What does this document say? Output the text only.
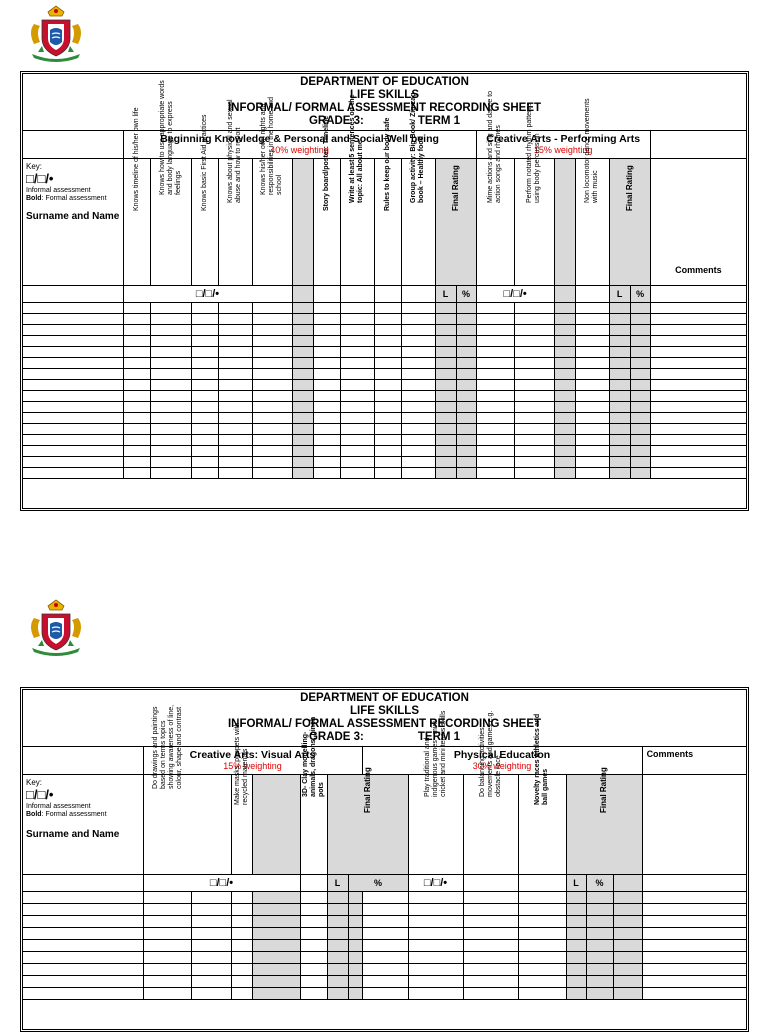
DEPARTMENT OF EDUCATION
LIFE SKILLS
INFORMAL/ FORMAL ASSESSMENT RECORDING SHEET
GRADE 3:	TERM 1
	Beginning Knowledge & Personal and Social Well being
40% weighting												Creative Arts - Performing Arts
15% weighting						

Key:
□/□/•
Informal assessment
Bold: Formal assessment
Surname and Name	Knows timeline of his/her own life	Knows how to use appropriate words and body language to express feelings	Knows basic First Aid practices	Knows about physical and sexual abuse and how to report	Knows his/her own rights and responsibilities in the home and school		Story board/poster: Timeline	Write at least 5 sentences on the topic: All about me	Rules to keep our body safe	Group activity: Big Book/ Zig-zag book – Healthy food	Final Rating		Mime actions and sing and dance to action songs and rhymes	Perform notated rhythm patterns using body percussion		Non locomotor dance movements with music	Final Rating		Comments
	□/□/•										L	%	□/□/•				L	%	

DEPARTMENT OF EDUCATION
LIFE SKILLS
INFORMAL/ FORMAL ASSESSMENT RECORDING SHEET
GRADE 3:	TERM 1
	Creative Arts: Visual Arts
15% weighting							Physical Education
30% weighting							Comments
Key:
□/□/•
Informal assessment
Bold: Formal assessment
Surname and Name	Do drawings and paintings based on terms topics showing awareness of line, colour, shape and contrast		Make masks, puppets with recycled materials		3D- Clay modelling- animals, dragons, pinch pots	Final Rating			Play traditional and indigenous games - mini cricket and mini tennis skills	Do balancing activities, movements and games e.g. obstacle race	Novelty races Athletics and ball games	Final Rating			

	□/□/•					L	%		□/□/•			L	%		
